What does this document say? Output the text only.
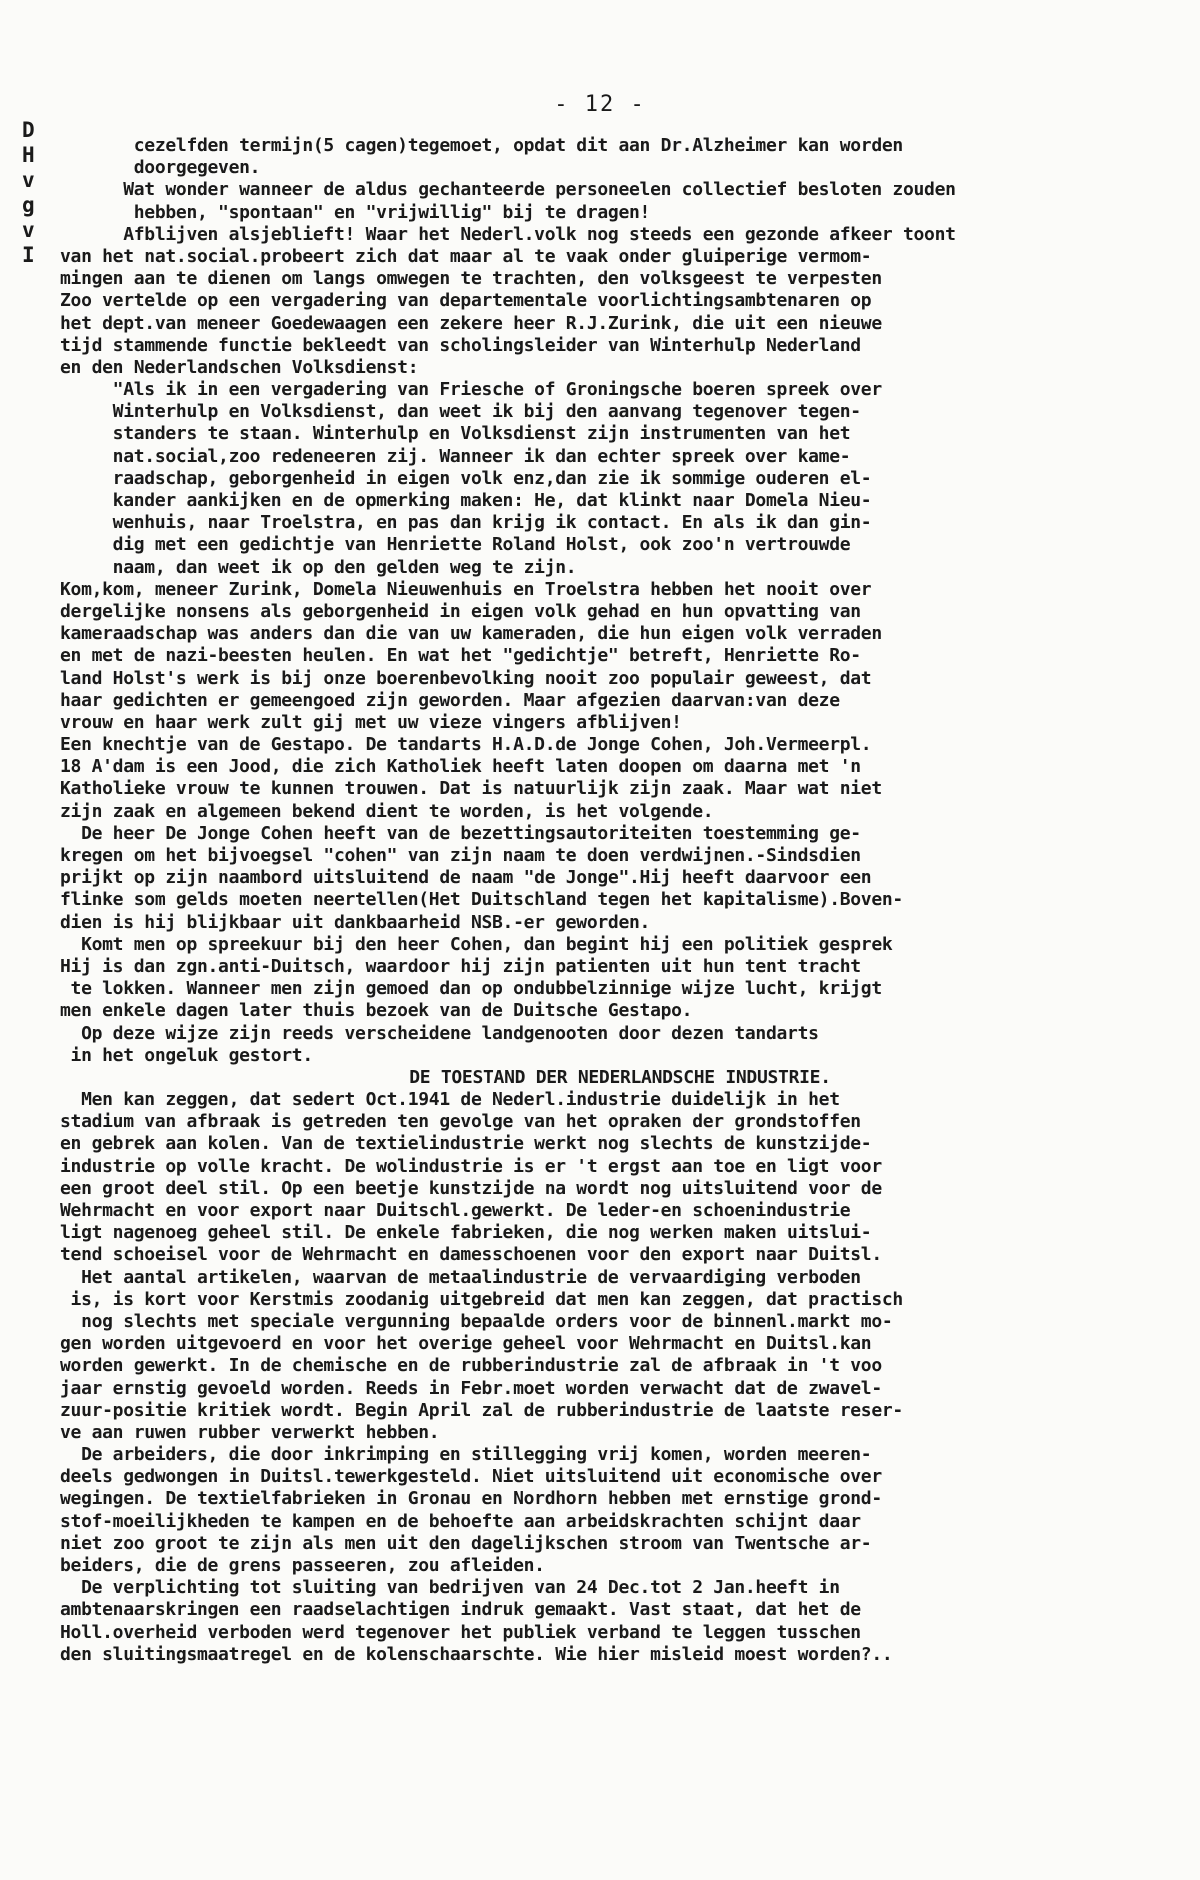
- 12 -
D
H
v
g
v
I
cezelfden termijn(5 cagen)tegemoet, opdat dit aan Dr.Alzheimer kan worden
doorgegeven.
Wat wonder wanneer de aldus gechanteerde personeelen collectief besloten zouden
hebben, "spontaan" en "vrijwillig" bij te dragen!
Afblijven alsjeblieft! Waar het Nederl.volk nog steeds een gezonde afkeer toont
van het nat.social.probeert zich dat maar al te vaak onder gluiperige vermom-
mingen aan te dienen om langs omwegen te trachten, den volksgeest te verpesten
Zoo vertelde op een vergadering van departementale voorlichtingsambtenaren op
het dept.van meneer Goedewaagen een zekere heer R.J.Zurink, die uit een nieuwe
tijd stammende functie bekleedt van scholingsleider van Winterhulp Nederland
en den Nederlandschen Volksdienst:
"Als ik in een vergadering van Friesche of Groningsche boeren spreek over
Winterhulp en Volksdienst, dan weet ik bij den aanvang tegenover tegen-
standers te staan. Winterhulp en Volksdienst zijn instrumenten van het
nat.social,zoo redeneeren zij. Wanneer ik dan echter spreek over kame-
raadschap, geborgenheid in eigen volk enz,dan zie ik sommige ouderen el-
kander aankijken en de opmerking maken: He, dat klinkt naar Domela Nieu-
wenhuis, naar Troelstra, en pas dan krijg ik contact. En als ik dan gin-
dig met een gedichtje van Henriette Roland Holst, ook zoo'n vertrouwde
naam, dan weet ik op den gelden weg te zijn.
Kom,kom, meneer Zurink, Domela Nieuwenhuis en Troelstra hebben het nooit over
dergelijke nonsens als geborgenheid in eigen volk gehad en hun opvatting van
kameraadschap was anders dan die van uw kameraden, die hun eigen volk verraden
en met de nazi-beesten heulen. En wat het "gedichtje" betreft, Henriette Ro-
land Holst's werk is bij onze boerenbevolking nooit zoo populair geweest, dat
haar gedichten er gemeengoed zijn geworden. Maar afgezien daarvan:van deze
vrouw en haar werk zult gij met uw vieze vingers afblijven!
Een knechtje van de Gestapo. De tandarts H.A.D.de Jonge Cohen, Joh.Vermeerpl.
18 A'dam is een Jood, die zich Katholiek heeft laten doopen om daarna met 'n
Katholieke vrouw te kunnen trouwen. Dat is natuurlijk zijn zaak. Maar wat niet
zijn zaak en algemeen bekend dient te worden, is het volgende.
De heer De Jonge Cohen heeft van de bezettingsautoriteiten toestemming ge-
kregen om het bijvoegsel "cohen" van zijn naam te doen verdwijnen.-Sindsdien
prijkt op zijn naambord uitsluitend de naam "de Jonge".Hij heeft daarvoor een
flinke som gelds moeten neertellen(Het Duitschland tegen het kapitalisme).Boven-
dien is hij blijkbaar uit dankbaarheid NSB.-er geworden.
Komt men op spreekuur bij den heer Cohen, dan begint hij een politiek gesprek
Hij is dan zgn.anti-Duitsch, waardoor hij zijn patienten uit hun tent tracht
te lokken. Wanneer men zijn gemoed dan op ondubbelzinnige wijze lucht, krijgt
men enkele dagen later thuis bezoek van de Duitsche Gestapo.
Op deze wijze zijn reeds verscheidene landgenooten door dezen tandarts
in het ongeluk gestort.
DE TOESTAND DER NEDERLANDSCHE INDUSTRIE.
Men kan zeggen, dat sedert Oct.1941 de Nederl.industrie duidelijk in het
stadium van afbraak is getreden ten gevolge van het opraken der grondstoffen
en gebrek aan kolen. Van de textielindustrie werkt nog slechts de kunstzijde-
industrie op volle kracht. De wolindustrie is er 't ergst aan toe en ligt voor
een groot deel stil. Op een beetje kunstzijde na wordt nog uitsluitend voor de
Wehrmacht en voor export naar Duitschl.gewerkt. De leder-en schoenindustrie
ligt nagenoeg geheel stil. De enkele fabrieken, die nog werken maken uitslui-
tend schoeisel voor de Wehrmacht en damesschoenen voor den export naar Duitsl.
Het aantal artikelen, waarvan de metaalindustrie de vervaardiging verboden
is, is kort voor Kerstmis zoodanig uitgebreid dat men kan zeggen, dat practisch
nog slechts met speciale vergunning bepaalde orders voor de binnenl.markt mo-
gen worden uitgevoerd en voor het overige geheel voor Wehrmacht en Duitsl.kan
worden gewerkt. In de chemische en de rubberindustrie zal de afbraak in 't voo
jaar ernstig gevoeld worden. Reeds in Febr.moet worden verwacht dat de zwavel-
zuur-positie kritiek wordt. Begin April zal de rubberindustrie de laatste reser-
ve aan ruwen rubber verwerkt hebben.
De arbeiders, die door inkrimping en stillegging vrij komen, worden meeren-
deels gedwongen in Duitsl.tewerkgesteld. Niet uitsluitend uit economische over
wegingen. De textielfabrieken in Gronau en Nordhorn hebben met ernstige grond-
stof-moeilijkheden te kampen en de behoefte aan arbeidskrachten schijnt daar
niet zoo groot te zijn als men uit den dagelijkschen stroom van Twentsche ar-
beiders, die de grens passeeren, zou afleiden.
De verplichting tot sluiting van bedrijven van 24 Dec.tot 2 Jan.heeft in
ambtenaarskringen een raadselachtigen indruk gemaakt. Vast staat, dat het de
Holl.overheid verboden werd tegenover het publiek verband te leggen tusschen
den sluitingsmaatregel en de kolenschaarschte. Wie hier misleid moest worden?..
